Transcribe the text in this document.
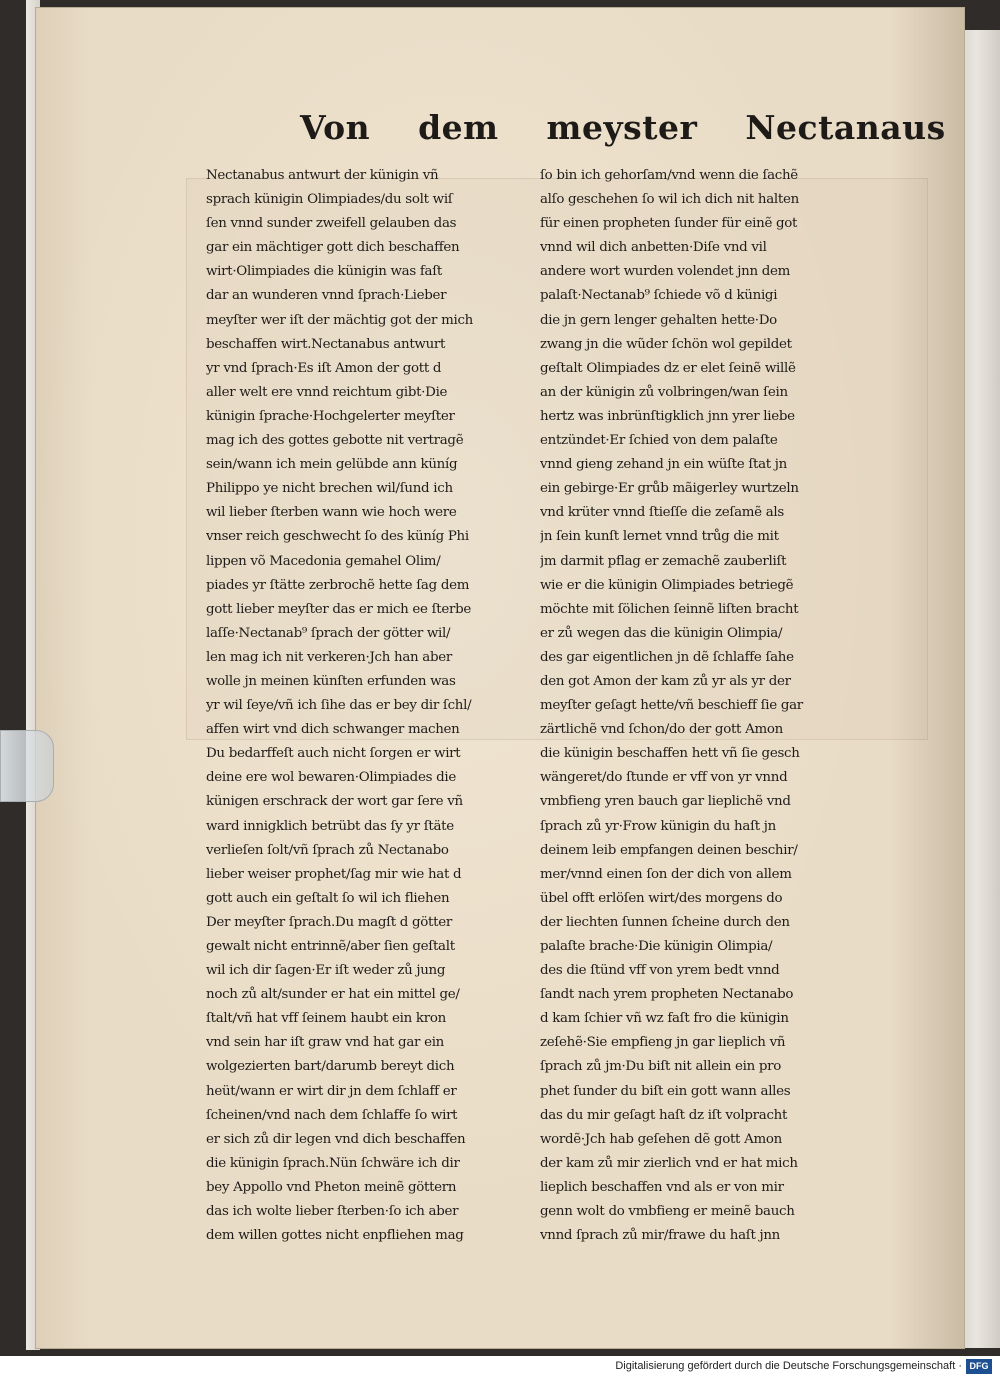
Von dem meyster Nectanaus
Nectanabus antwurt der künigin vñ
sprach künigin Olimpiades/du solt wiſ
ſen vnnd sunder zweifell gelauben das
gar ein mächtiger gott dich beschaffen
wirt·Olimpiades die künigin was faſt
dar an wunderen vnnd ſprach·Lieber
meyſter wer iſt der mächtig got der mich
beschaffen wirt.Nectanabus antwurt
yr vnd ſprach·Es iſt Amon der gott d
aller welt ere vnnd reichtum gibt·Die
künigin ſprache·Hochgelerter meyſter
mag ich des gottes gebotte nit vertragẽ
sein/wann ich mein gelübde ann küníg
Philippo ye nicht brechen wil/ſund ich
wil lieber ſterben wann wie hoch were
vnser reich geschwecht ſo des küníg Phi
lippen võ Macedonia gemahel Olim/
piades yr ſtätte zerbrochẽ hette ſag dem
gott lieber meyſter das er mich ee ſterbe
laſſe·Nectanab⁹ ſprach der götter wil/
len mag ich nit verkeren·Jch han aber
wolle jn meinen künſten erfunden was
yr wil ſeye/vñ ich ſihe das er bey dir ſchl/
affen wirt vnd dich schwanger machen
Du bedarffeſt auch nicht ſorgen er wirt
deine ere wol bewaren·Olimpiades die
künigen erschrack der wort gar ſere vñ
ward innigklich betrübt das ſy yr ſtäte
verlieſen ſolt/vñ ſprach zů Nectanabo
lieber weiser prophet/ſag mir wie hat d
gott auch ein geſtalt ſo wil ich fliehen
Der meyſter ſprach.Du magſt d götter
gewalt nicht entrinnẽ/aber ſien geſtalt
wil ich dir ſagen·Er iſt weder zů jung
noch zů alt/sunder er hat ein mittel ge/
ſtalt/vñ hat vff ſeinem haubt ein kron
vnd sein har iſt graw vnd hat gar ein
wolgezierten bart/darumb bereyt dich
heüt/wann er wirt dir jn dem ſchlaff er
ſcheinen/vnd nach dem ſchlaffe ſo wirt
er sich zů dir legen vnd dich beschaffen
die künigin ſprach.Nün ſchwäre ich dir
bey Appollo vnd Pheton meinẽ göttern
das ich wolte lieber ſterben·ſo ich aber
dem willen gottes nicht enpfliehen mag
ſo bin ich gehorſam/vnd wenn die ſachẽ
alſo geschehen ſo wil ich dich nit halten
für einen propheten ſunder für einẽ got
vnnd wil dich anbetten·Diſe vnd vil
andere wort wurden volendet jnn dem
palaſt·Nectanab⁹ ſchiede võ d künigi
die jn gern lenger gehalten hette·Do
zwang jn die wũder ſchön wol gepildet
geſtalt Olimpiades dz er elet ſeinẽ willẽ
an der künigin zů volbringen/wan ſein
hertz was inbrünſtigklich jnn yrer liebe
entzündet·Er ſchied von dem palaſte
vnnd gieng zehand jn ein wüſte ſtat jn
ein gebirge·Er grůb mãigerley wurtzeln
vnd krüter vnnd ſtieſſe die zeſamẽ als
jn ſein kunſt lernet vnnd trůg die mit
jm darmit pflag er zemachẽ zauberliſt
wie er die künigin Olimpiades betriegẽ
möchte mit ſölichen ſeinnẽ liſten bracht
er zů wegen das die künigin Olimpia/
des gar eigentlichen jn dẽ ſchlaffe ſahe
den got Amon der kam zů yr als yr der
meyſter geſagt hette/vñ beschieff ſie gar
zärtlichẽ vnd ſchon/do der gott Amon
die künigin beschaffen hett vñ ſie gesch
wängeret/do ſtunde er vff von yr vnnd
vmbfieng yren bauch gar lieplichẽ vnd
ſprach zů yr·Frow künigin du haſt jn
deinem leib empfangen deinen beschir/
mer/vnnd einen ſon der dich von allem
übel offt erlöſen wirt/des morgens do
der liechten ſunnen ſcheine durch den
palaſte brache·Die künigin Olimpia/
des die ſtünd vff von yrem bedt vnnd
ſandt nach yrem propheten Nectanabo
d kam ſchier vñ wz faſt fro die künigin
zeſehẽ·Sie empfieng jn gar lieplich vñ
ſprach zů jm·Du biſt nit allein ein pro
phet ſunder du biſt ein gott wann alles
das du mir geſagt haſt dz iſt volpracht
wordẽ·Jch hab geſehen dẽ gott Amon
der kam zů mir zierlich vnd er hat mich
lieplich beschaffen vnd als er von mir
genn wolt do vmbfieng er meinẽ bauch
vnnd ſprach zů mir/frawe du haſt jnn
Digitalisierung gefördert durch die Deutsche Forschungsgemeinschaft · DFG
